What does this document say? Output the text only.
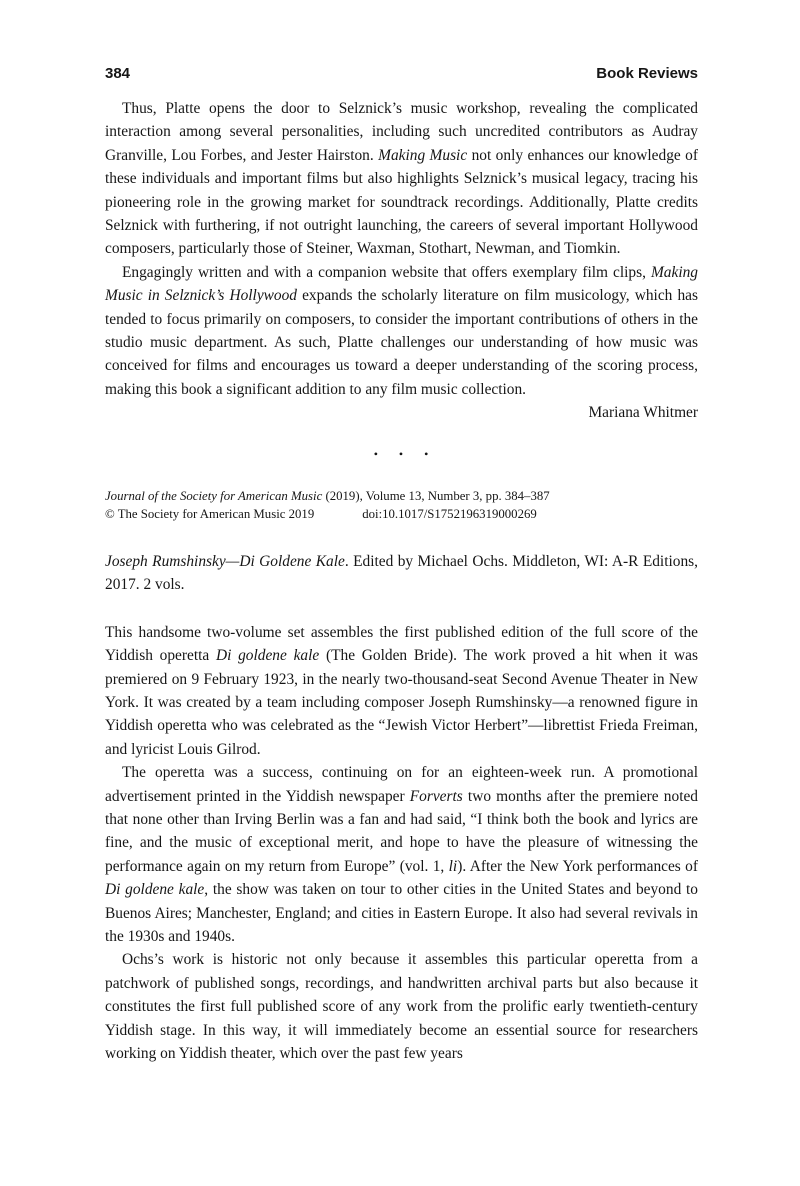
384	Book Reviews

Thus, Platte opens the door to Selznick’s music workshop, revealing the complicated interaction among several personalities, including such uncredited contributors as Audray Granville, Lou Forbes, and Jester Hairston. Making Music not only enhances our knowledge of these individuals and important films but also highlights Selznick’s musical legacy, tracing his pioneering role in the growing market for soundtrack recordings. Additionally, Platte credits Selznick with furthering, if not outright launching, the careers of several important Hollywood composers, particularly those of Steiner, Waxman, Stothart, Newman, and Tiomkin.

Engagingly written and with a companion website that offers exemplary film clips, Making Music in Selznick’s Hollywood expands the scholarly literature on film musicology, which has tended to focus primarily on composers, to consider the important contributions of others in the studio music department. As such, Platte challenges our understanding of how music was conceived for films and encourages us toward a deeper understanding of the scoring process, making this book a significant addition to any film music collection.

Mariana Whitmer

• • •

Journal of the Society for American Music (2019), Volume 13, Number 3, pp. 384–387

© The Society for American Music 2019	doi:10.1017/S1752196319000269

Joseph Rumshinsky—Di Goldene Kale. Edited by Michael Ochs. Middleton, WI: A-R Editions, 2017. 2 vols.

This handsome two-volume set assembles the first published edition of the full score of the Yiddish operetta Di goldene kale (The Golden Bride). The work proved a hit when it was premiered on 9 February 1923, in the nearly two-thousand-seat Second Avenue Theater in New York. It was created by a team including composer Joseph Rumshinsky—a renowned figure in Yiddish operetta who was celebrated as the “Jewish Victor Herbert”—librettist Frieda Freiman, and lyricist Louis Gilrod.

The operetta was a success, continuing on for an eighteen-week run. A promotional advertisement printed in the Yiddish newspaper Forverts two months after the premiere noted that none other than Irving Berlin was a fan and had said, “I think both the book and lyrics are fine, and the music of exceptional merit, and hope to have the pleasure of witnessing the performance again on my return from Europe” (vol. 1, li). After the New York performances of Di goldene kale, the show was taken on tour to other cities in the United States and beyond to Buenos Aires; Manchester, England; and cities in Eastern Europe. It also had several revivals in the 1930s and 1940s.

Ochs’s work is historic not only because it assembles this particular operetta from a patchwork of published songs, recordings, and handwritten archival parts but also because it constitutes the first full published score of any work from the prolific early twentieth-century Yiddish stage. In this way, it will immediately become an essential source for researchers working on Yiddish theater, which over the past few years
